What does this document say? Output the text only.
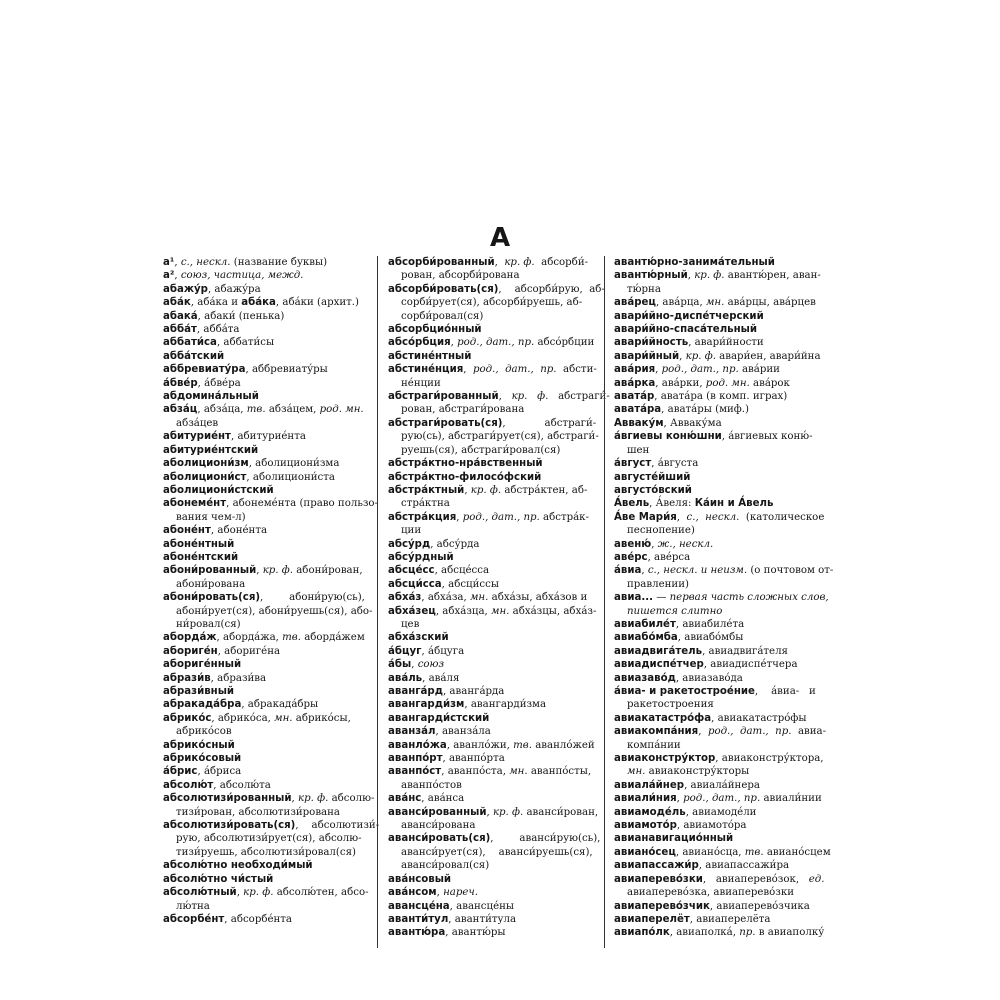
А
а¹, с., нескл. (название буквы)
а², союз, частица, межд.
абажу́р, абажу́ра
аба́к, аба́ка и аба́ка, аба́ки (архит.)
абака́, абаки́ (пенька)
абба́т, абба́та
аббати́са, аббати́сы
абба́тский
аббревиату́ра, аббревиату́ры
а́бве́р, а́бве́ра
абдомина́льный
абза́ц, абза́ца, тв. абза́цем, род. мн.
абза́цев
абитурие́нт, абитурие́нта
абитурие́нтский
аболициони́зм, аболициони́зма
аболициони́ст, аболициони́ста
аболициони́стский
абонеме́нт, абонеме́нта (право пользо-
вания чем-л)
абоне́нт, абоне́нта
абоне́нтный
абоне́нтский
абони́рованный, кр. ф. абони́рован,
абони́рована
абони́ровать(ся),        абони́рую(сь),
абони́рует(ся), абони́руешь(ся), або-
ни́ровал(ся)
аборда́ж, аборда́жа, тв. аборда́жем
абориге́н, абориге́на
абориге́нный
абрази́в, абрази́ва
абрази́вный
абракада́бра, абракада́бры
абрико́с, абрико́са, мн. абрико́сы,
абрико́сов
абрико́сный
абрико́совый
а́брис, а́бриса
абсолю́т, абсолю́та
абсолютизи́рованный, кр. ф. абсолю-
тизи́рован, абсолютизи́рована
абсолютизи́ровать(ся),    абсолютизи́-
рую, абсолютизи́рует(ся), абсолю-
тизи́руешь, абсолютизи́ровал(ся)
абсолю́тно необходи́мый
абсолю́тно чи́стый
абсолю́тный, кр. ф. абсолю́тен, абсо-
лю́тна
абсорбе́нт, абсорбе́нта
абсорби́рованный,  кр. ф.  абсорби́-
рован, абсорби́рована
абсорби́ровать(ся),    абсорби́рую,  аб-
сорби́рует(ся), абсорби́руешь, аб-
сорби́ровал(ся)
абсорбцио́нный
абсо́рбция, род., дат., пр. абсо́рбции
абстине́нтный
абстине́нция,  род.,  дат.,  пр.  абсти-
не́нции
абстраги́рованный,   кр.   ф.   абстраги́-
рован, абстраги́рована
абстраги́ровать(ся),            абстраги́-
рую(сь), абстраги́рует(ся), абстраги́-
руешь(ся), абстраги́ровал(ся)
абстра́ктно-нра́вственный
абстра́ктно-филосо́фский
абстра́ктный, кр. ф. абстра́ктен, аб-
стра́ктна
абстра́кция, род., дат., пр. абстра́к-
ции
абсу́рд, абсу́рда
абсу́рдный
абсце́сс, абсце́сса
абсци́сса, абсци́ссы
абха́з, абха́за, мн. абха́зы, абха́зов и
абха́зец, абха́зца, мн. абха́зцы, абха́з-
цев
абха́зский
а́бцуг, а́бцуга
а́бы, союз
ава́ль, ава́ля
аванга́рд, аванга́рда
авангарди́зм, авангарди́зма
авангарди́стский
аванза́л, аванза́ла
аванло́жа, аванло́жи, тв. аванло́жей
аванпо́рт, аванпо́рта
аванпо́ст, аванпо́ста, мн. аванпо́сты,
аванпо́стов
ава́нс, ава́нса
аванси́рованный, кр. ф. аванси́рован,
аванси́рована
аванси́ровать(ся),        аванси́рую(сь),
аванси́рует(ся),    аванси́руешь(ся),
аванси́ровал(ся)
ава́нсовый
ава́нсом, нареч.
авансце́на, авансце́ны
аванти́тул, аванти́тула
авантю́ра, авантю́ры
авантю́рно-занима́тельный
авантю́рный, кр. ф. авантю́рен, аван-
тю́рна
ава́рец, ава́рца, мн. ава́рцы, ава́рцев
авари́йно-диспе́тчерский
авари́йно-спаса́тельный
авари́йность, авари́йности
авари́йный, кр. ф. авари́ен, авари́йна
ава́рия, род., дат., пр. ава́рии
ава́рка, ава́рки, род. мн. ава́рок
авата́р, авата́ра (в комп. играх)
авата́ра, авата́ры (миф.)
Аввaку́м, Аввaку́ма
а́вгиевы коню́шни, а́вгиевых коню́-
шен
а́вгуст, а́вгуста
августе́йший
августо́вский
А́вель, А́веля: Ка́ин и А́вель
А́ве Мари́я,  с.,  нескл.  (католическое
песнопение)
авеню́, ж., нескл.
аве́рс, аве́рса
а́виа, с., нескл. и неизм. (о почтовом от-
правлении)
авиа... — первая часть сложных слов,
пишется слитно
авиабиле́т, авиабиле́та
авиабо́мба, авиабо́мбы
авиадвига́тель, авиадвига́теля
авиадиспе́тчер, авиадиспе́тчера
авиазаво́д, авиазаво́да
а́виа- и ракетострое́ние,    а́виа-   и
ракетостроения
авиакатастро́фа, авиакатастро́фы
авиакомпа́ния,  род.,  дат.,  пр.  авиа-
компа́нии
авиаконстру́ктор, авиаконстру́ктора,
мн. авиаконстру́кторы
авиала́йнер, авиала́йнера
авиали́ния, род., дат., пр. авиали́нии
авиамоде́ль, авиамоде́ли
авиамото́р, авиамото́ра
авианавигацио́нный
авиано́сец, авиано́сца, тв. авиано́сцем
авиапассажи́р, авиапассажи́ра
авиаперево́зки,   авиаперево́зок,   ед.
авиаперево́зка, авиаперево́зки
авиаперево́зчик, авиаперево́зчика
авиаперелёт, авиаперелёта
авиапо́лк, авиаполка́, пр. в авиаполку́
